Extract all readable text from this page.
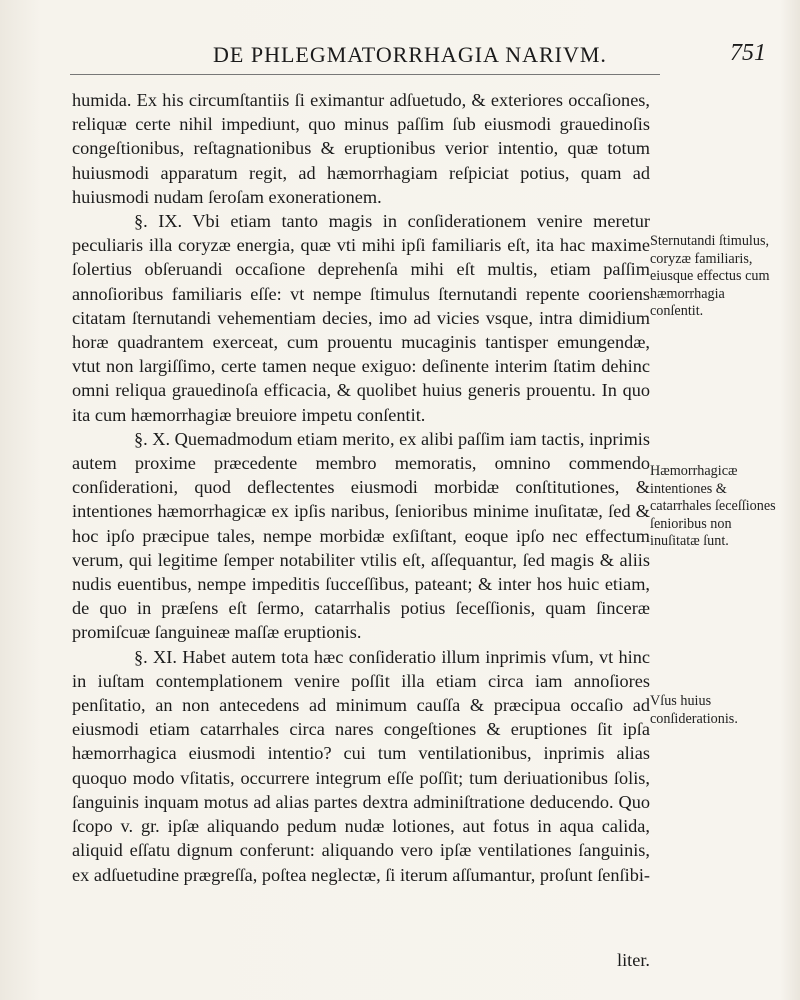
DE PHLEGMATORRHAGIA NARIVM.	751

humida. Ex his circumſtantiis ſi eximantur adſuetudo, & exteriores occaſiones, reliquæ certe nihil impediunt, quo minus paſſim ſub eiusmodi grauedinoſis congeſtionibus, reſtagnationibus & eruptionibus verior intentio, quæ totum huiusmodi apparatum regit, ad hæmorrhagiam reſpiciat potius, quam ad huiusmodi nudam ſeroſam exonerationem.

§. IX. Vbi etiam tanto magis in conſiderationem venire meretur peculiaris illa coryzæ energia, quæ vti mihi ipſi familiaris eſt, ita hac maxime ſolertius obſeruandi occaſione deprehenſa mihi eſt multis, etiam paſſim annoſioribus familiaris eſſe: vt nempe ſtimulus ſternutandi repente cooriens citatam ſternutandi vehementiam decies, imo ad vicies vsque, intra dimidium horæ quadrantem exerceat, cum prouentu mucaginis tantisper emungendæ, vtut non largiſſimo, certe tamen neque exiguo: deſinente interim ſtatim dehinc omni reliqua grauedinoſa efficacia, & quolibet huius generis prouentu. In quo ita cum hæmorrhagiæ breuiore impetu conſentit.

§. X. Quemadmodum etiam merito, ex alibi paſſim iam tactis, inprimis autem proxime præcedente membro memoratis, omnino commendo conſiderationi, quod deflectentes eiusmodi morbidæ conſtitutiones, & intentiones hæmorrhagicæ ex ipſis naribus, ſenioribus minime inuſitatæ, ſed & hoc ipſo præcipue tales, nempe morbidæ exſiſtant, eoque ipſo nec effectum verum, qui legitime ſemper notabiliter vtilis eſt, aſſequantur, ſed magis & aliis nudis euentibus, nempe impeditis ſucceſſibus, pateant; & inter hos huic etiam, de quo in præſens eſt ſermo, catarrhalis potius ſeceſſionis, quam ſinceræ promiſcuæ ſanguineæ maſſæ eruptionis.

§. XI. Habet autem tota hæc conſideratio illum inprimis vſum, vt hinc in iuſtam contemplationem venire poſſit illa etiam circa iam annoſiores penſitatio, an non antecedens ad minimum cauſſa & præcipua occaſio ad eiusmodi etiam catarrhales circa nares congeſtiones & eruptiones ſit ipſa hæmorrhagica eiusmodi intentio? cui tum ventilationibus, inprimis alias quoquo modo vſitatis, occurrere integrum eſſe poſſit; tum deriuationibus ſolis, ſanguinis inquam motus ad alias partes dextra adminiſtratione deducendo. Quo ſcopo v. gr. ipſæ aliquando pedum nudæ lotiones, aut fotus in aqua calida, aliquid eſſatu dignum conferunt: aliquando vero ipſæ ventilationes ſanguinis, ex adſuetudine prægreſſa, poſtea neglectæ, ſi iterum aſſumantur, proſunt ſenſibi-

Sternutandi ſtimulus, coryzæ familiaris, eiusque effectus cum hæmorrhagia conſentit.
Hæmorrhagicæ intentiones & catarrhales ſeceſſiones ſenioribus non inuſitatæ ſunt.
Vſus huius conſiderationis.
liter.
